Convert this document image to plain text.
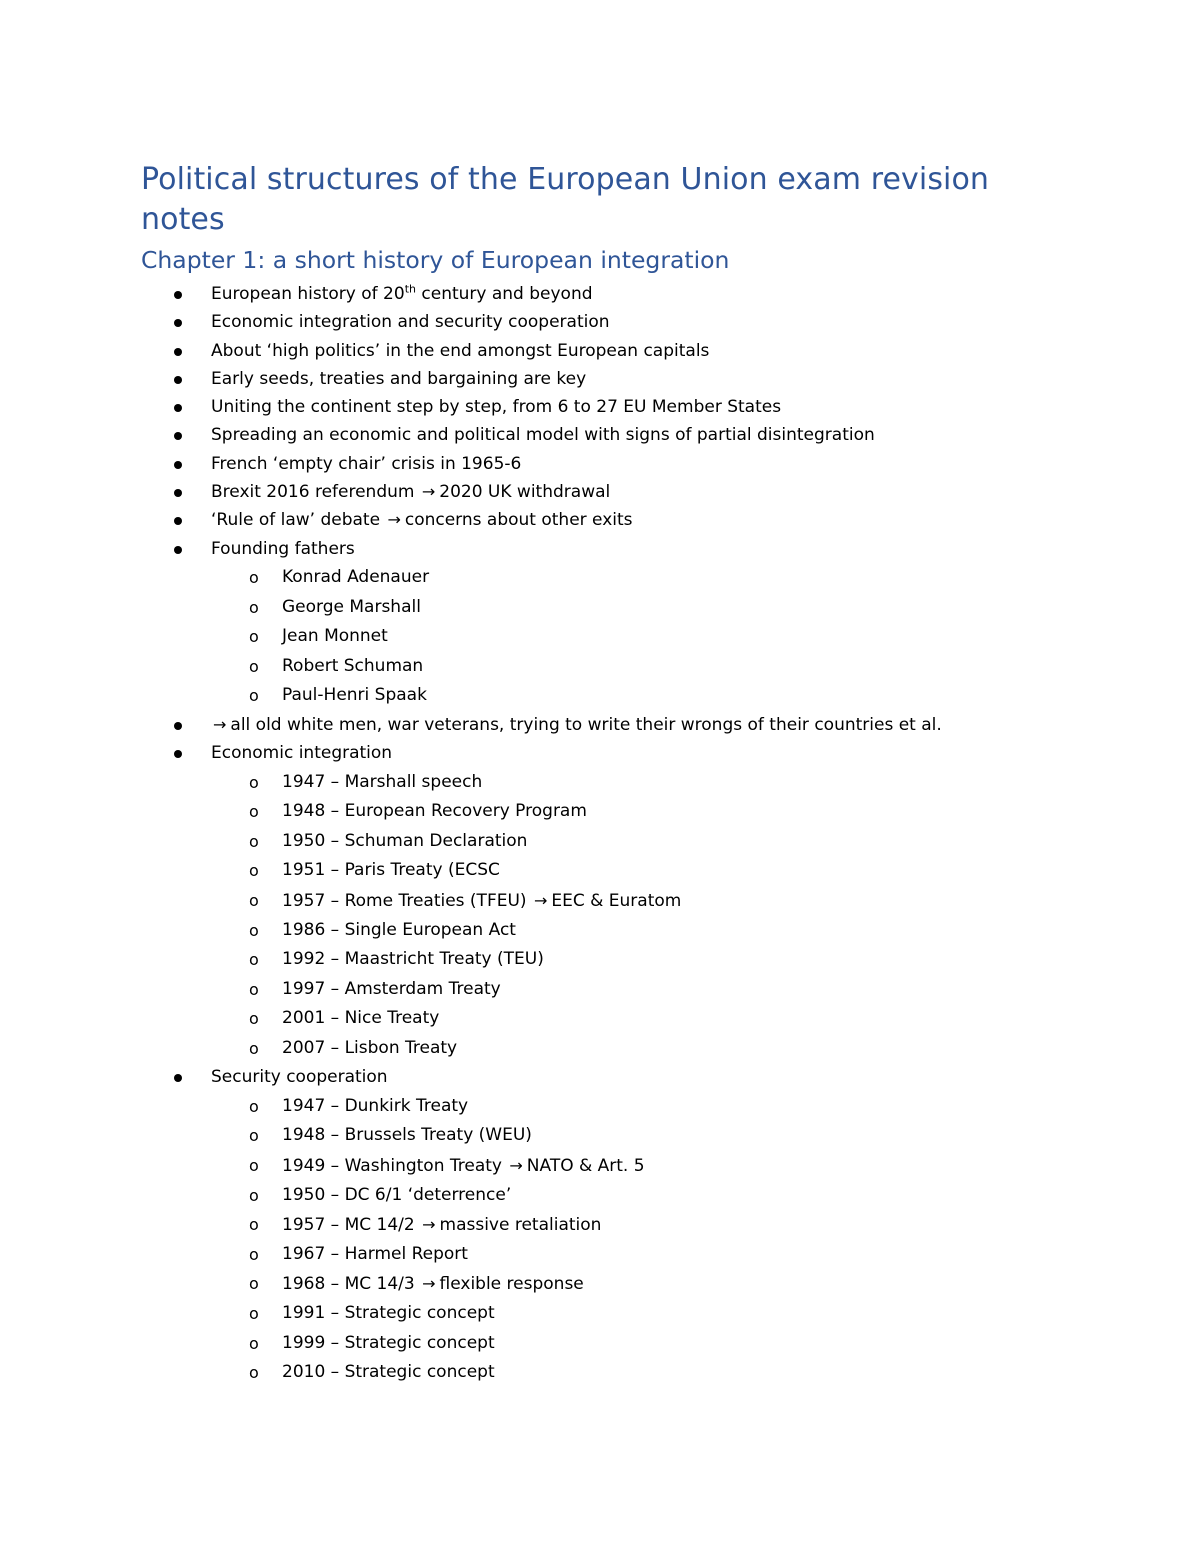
Political structures of the European Union exam revision notes
Chapter 1: a short history of European integration
European history of 20th century and beyond
Economic integration and security cooperation
About ‘high politics’ in the end amongst European capitals
Early seeds, treaties and bargaining are key
Uniting the continent step by step, from 6 to 27 EU Member States
Spreading an economic and political model with signs of partial disintegration
French ‘empty chair’ crisis in 1965-6
Brexit 2016 referendum → 2020 UK withdrawal
‘Rule of law’ debate → concerns about other exits
Founding fathers
o Konrad Adenauer
o George Marshall
o Jean Monnet
o Robert Schuman
o Paul-Henri Spaak
→ all old white men, war veterans, trying to write their wrongs of their countries et al.
Economic integration
o 1947 – Marshall speech
o 1948 – European Recovery Program
o 1950 – Schuman Declaration
o 1951 – Paris Treaty (ECSC
o 1957 – Rome Treaties (TFEU) → EEC & Euratom
o 1986 – Single European Act
o 1992 – Maastricht Treaty (TEU)
o 1997 – Amsterdam Treaty
o 2001 – Nice Treaty
o 2007 – Lisbon Treaty
Security cooperation
o 1947 – Dunkirk Treaty
o 1948 – Brussels Treaty (WEU)
o 1949 – Washington Treaty → NATO & Art. 5
o 1950 – DC 6/1 ‘deterrence’
o 1957 – MC 14/2 → massive retaliation
o 1967 – Harmel Report
o 1968 – MC 14/3 → flexible response
o 1991 – Strategic concept
o 1999 – Strategic concept
o 2010 – Strategic concept
